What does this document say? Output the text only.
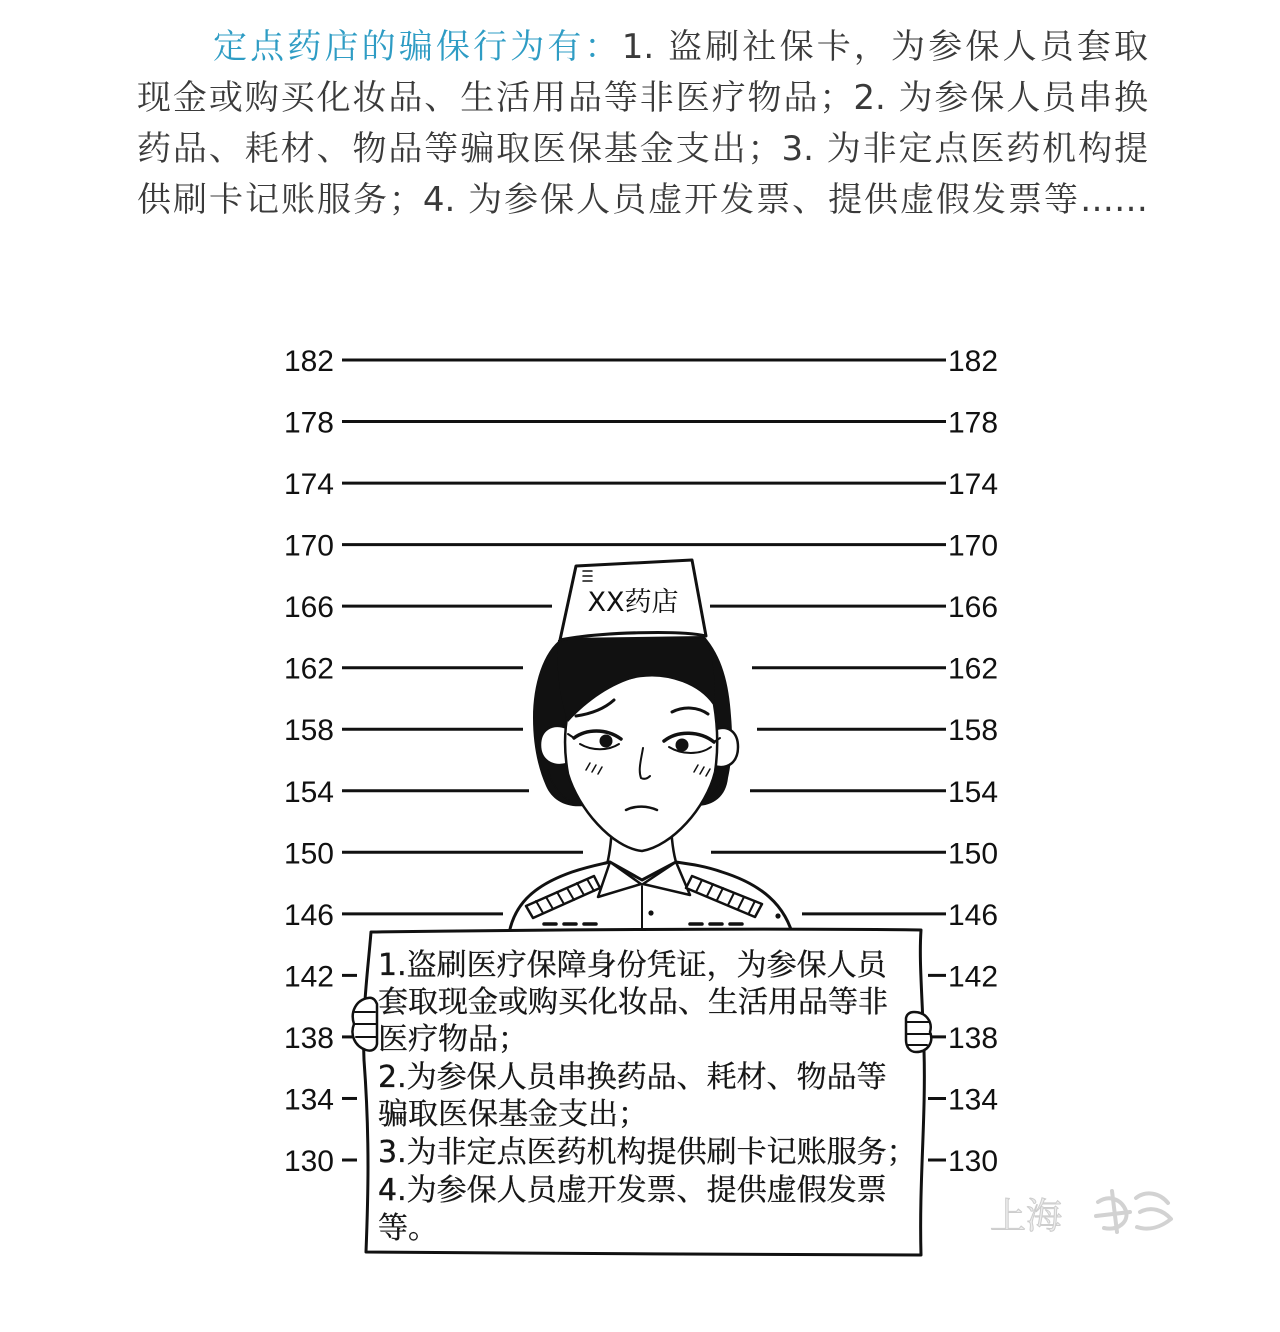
182	182
178	178
174	174
170	170
166	166
162	162
158	158
154	154
150	150
146	146
142	142
138	138
134	134
130	130
XX药店
1.盗刷医疗保障身份凭证，为参保人员
套取现金或购买化妆品、生活用品等非
医疗物品；
2.为参保人员串换药品、耗材、物品等
骗取医保基金支出；
3.为非定点医药机构提供刷卡记账服务；
4.为参保人员虚开发票、提供虚假发票
等。	上海
定点药店的骗保行为有：1. 盗刷社保卡，为参保人员套取
现金或购买化妆品、生活用品等非医疗物品；2. 为参保人员串换
药品、耗材、物品等骗取医保基金支出；3. 为非定点医药机构提
供刷卡记账服务；4. 为参保人员虚开发票、提供虚假发票等……
